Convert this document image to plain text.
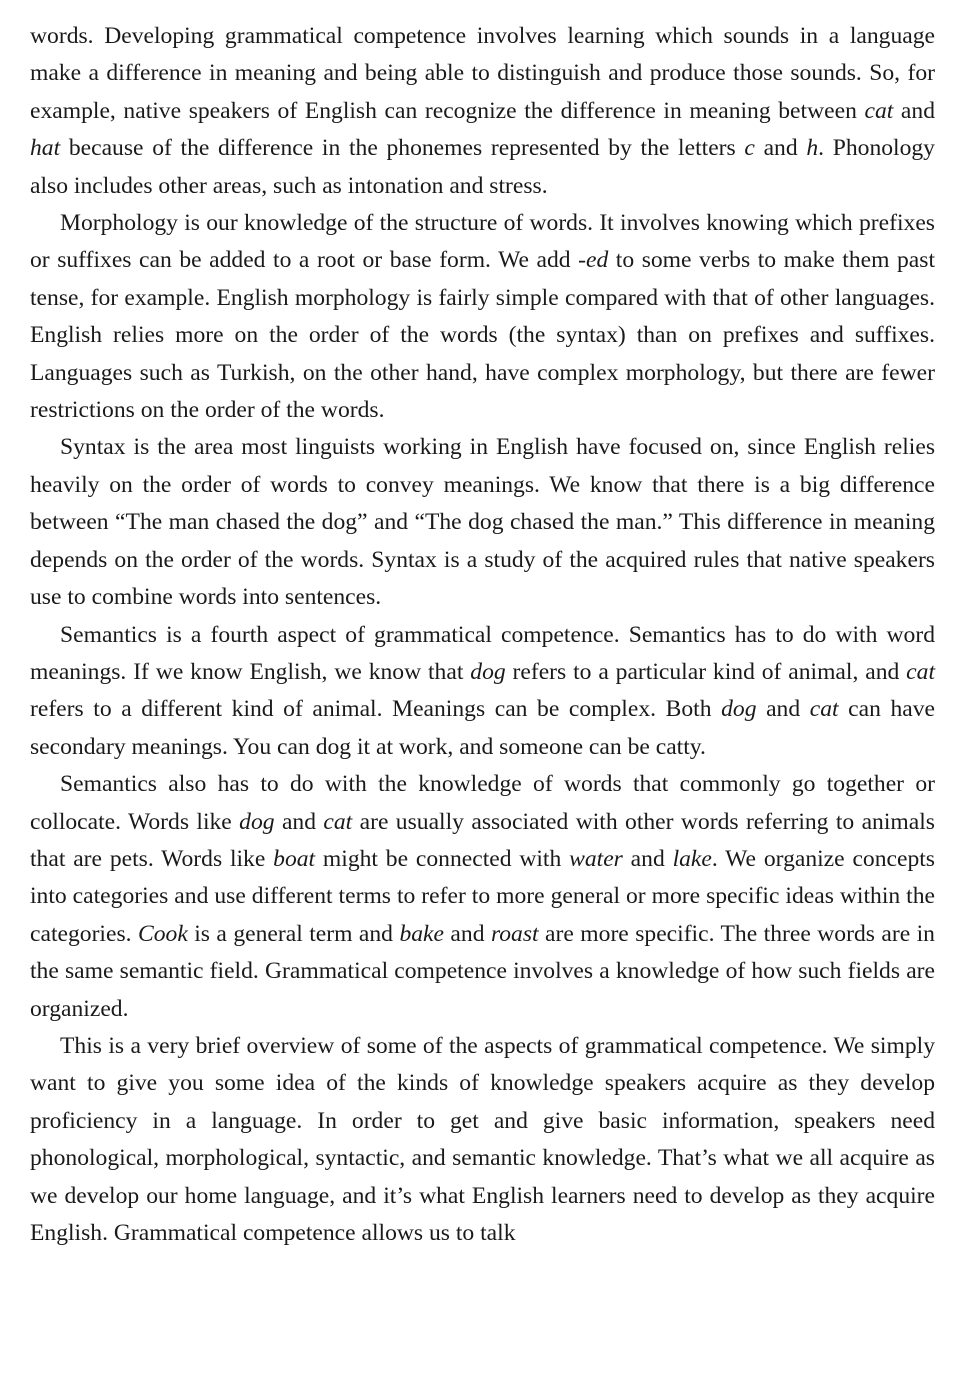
words. Developing grammatical competence involves learning which sounds in a language make a difference in meaning and being able to distinguish and produce those sounds. So, for example, native speakers of English can recognize the difference in meaning between cat and hat because of the difference in the phonemes represented by the letters c and h. Phonology also includes other areas, such as intonation and stress.

Morphology is our knowledge of the structure of words. It involves knowing which prefixes or suffixes can be added to a root or base form. We add -ed to some verbs to make them past tense, for example. English morphology is fairly simple compared with that of other languages. English relies more on the order of the words (the syntax) than on prefixes and suffixes. Languages such as Turkish, on the other hand, have complex morphology, but there are fewer restrictions on the order of the words.

Syntax is the area most linguists working in English have focused on, since English relies heavily on the order of words to convey meanings. We know that there is a big difference between “The man chased the dog” and “The dog chased the man.” This difference in meaning depends on the order of the words. Syntax is a study of the acquired rules that native speakers use to combine words into sentences.

Semantics is a fourth aspect of grammatical competence. Semantics has to do with word meanings. If we know English, we know that dog refers to a particular kind of animal, and cat refers to a different kind of animal. Meanings can be complex. Both dog and cat can have secondary meanings. You can dog it at work, and someone can be catty.

Semantics also has to do with the knowledge of words that commonly go together or collocate. Words like dog and cat are usually associated with other words referring to animals that are pets. Words like boat might be connected with water and lake. We organize concepts into categories and use different terms to refer to more general or more specific ideas within the categories. Cook is a general term and bake and roast are more specific. The three words are in the same semantic field. Grammatical competence involves a knowledge of how such fields are organized.

This is a very brief overview of some of the aspects of grammatical competence. We simply want to give you some idea of the kinds of knowledge speakers acquire as they develop proficiency in a language. In order to get and give basic information, speakers need phonological, morphological, syntactic, and semantic knowledge. That’s what we all acquire as we develop our home language, and it’s what English learners need to develop as they acquire English. Grammatical competence allows us to talk
